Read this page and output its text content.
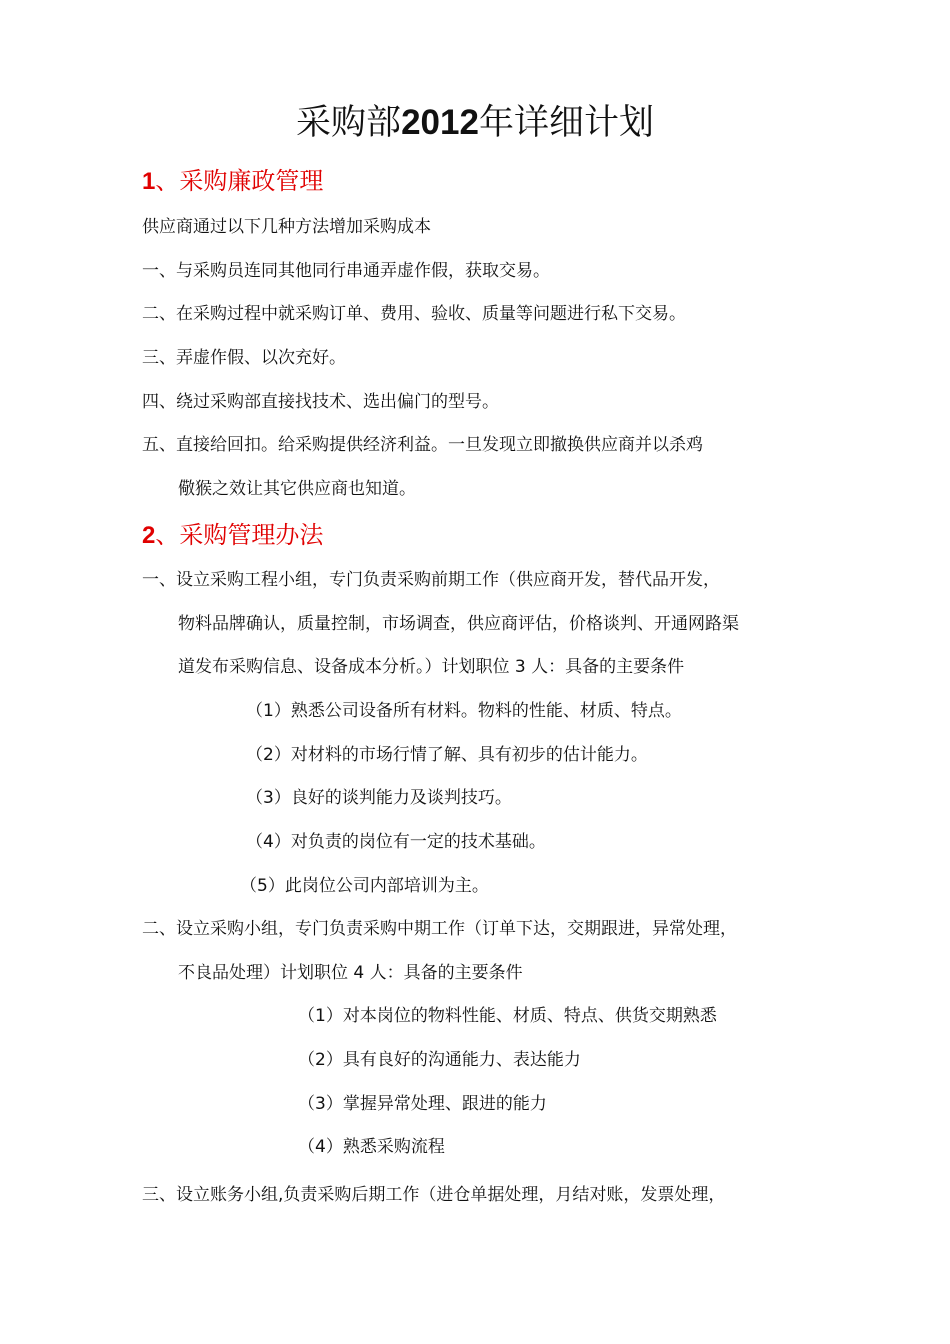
采购部2012年详细计划
1、采购廉政管理
供应商通过以下几种方法增加采购成本
一、与采购员连同其他同行串通弄虚作假，获取交易。
二、在采购过程中就采购订单、费用、验收、质量等问题进行私下交易。
三、弄虚作假、以次充好。
四、绕过采购部直接找技术、选出偏门的型号。
五、直接给回扣。给采购提供经济利益。一旦发现立即撤换供应商并以杀鸡
儆猴之效让其它供应商也知道。
2、采购管理办法
一、设立采购工程小组，专门负责采购前期工作（供应商开发，替代品开发，
物料品牌确认，质量控制，市场调查，供应商评估，价格谈判、开通网路渠
道发布采购信息、设备成本分析。）计划职位 3 人：具备的主要条件
（1）熟悉公司设备所有材料。物料的性能、材质、特点。
（2）对材料的市场行情了解、具有初步的估计能力。
（3）良好的谈判能力及谈判技巧。
（4）对负责的岗位有一定的技术基础。
（5）此岗位公司内部培训为主。
二、设立采购小组，专门负责采购中期工作（订单下达，交期跟进，异常处理，
不良品处理）计划职位 4 人：具备的主要条件
（1）对本岗位的物料性能、材质、特点、供货交期熟悉
（2）具有良好的沟通能力、表达能力
（3）掌握异常处理、跟进的能力
（4）熟悉采购流程
三、设立账务小组,负责采购后期工作（进仓单据处理，月结对账，发票处理，
